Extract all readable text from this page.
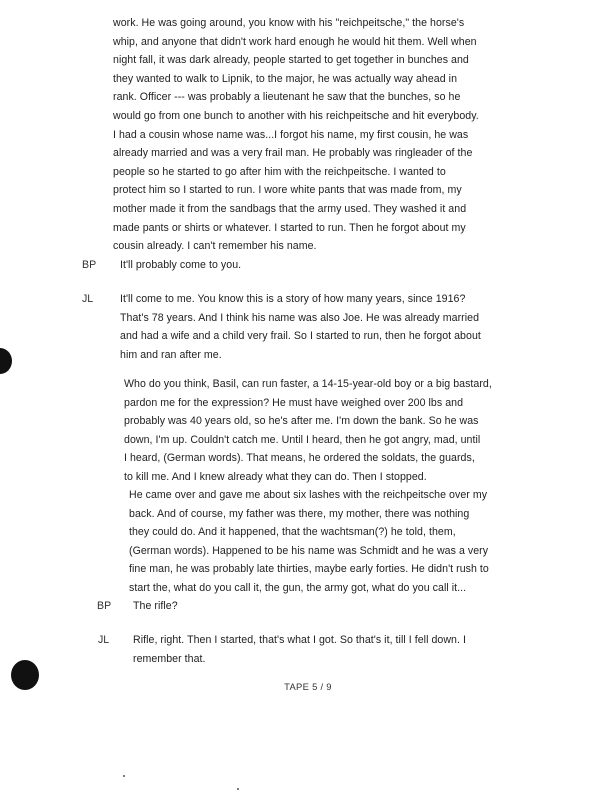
work. He was going around, you know with his "reichpeitsche," the horse's
whip, and anyone that didn't work hard enough he would hit them. Well when
night fall, it was dark already, people started to get together in bunches and
they wanted to walk to Lipnik, to the major, he was actually way ahead in
rank. Officer --- was probably a lieutenant he saw that the bunches, so he
would go from one bunch to another with his reichpeitsche and hit everybody.
I had a cousin whose name was...I forgot his name, my first cousin, he was
already married and was a very frail man. He probably was ringleader of the
people so he started to go after him with the reichpeitsche. I wanted to
protect him so I started to run. I wore white pants that was made from, my
mother made it from the sandbags that the army used. They washed it and
made pants or shirts or whatever. I started to run. Then he forgot about my
cousin already. I can't remember his name.
BP It'll probably come to you.
JL	It'll come to me. You know this is a story of how many years, since 1916?
That's 78 years. And I think his name was also Joe. He was already married
and had a wife and a child very frail. So I started to run, then he forgot about
him and ran after me.
Who do you think, Basil, can run faster, a 14-15-year-old boy or a big bastard,
pardon me for the expression? He must have weighed over 200 lbs and
probably was 40 years old, so he's after me. I'm down the bank. So he was
down, I'm up. Couldn't catch me. Until I heard, then he got angry, mad, until
I heard, (German words). That means, he ordered the soldats, the guards,
to kill me. And I knew already what they can do. Then I stopped.
He came over and gave me about six lashes with the reichpeitsche over my
back. And of course, my father was there, my mother, there was nothing
they could do. And it happened, that the wachtsman(?) he told, them,
(German words). Happened to be his name was Schmidt and he was a very
fine man, he was probably late thirties, maybe early forties. He didn't rush to
start the, what do you call it, the gun, the army got, what do you call it...
BP The rifle?
JL Rifle, right. Then I started, that's what I got. So that's it, till I fell down. I
remember that.
TAPE 5 / 9
